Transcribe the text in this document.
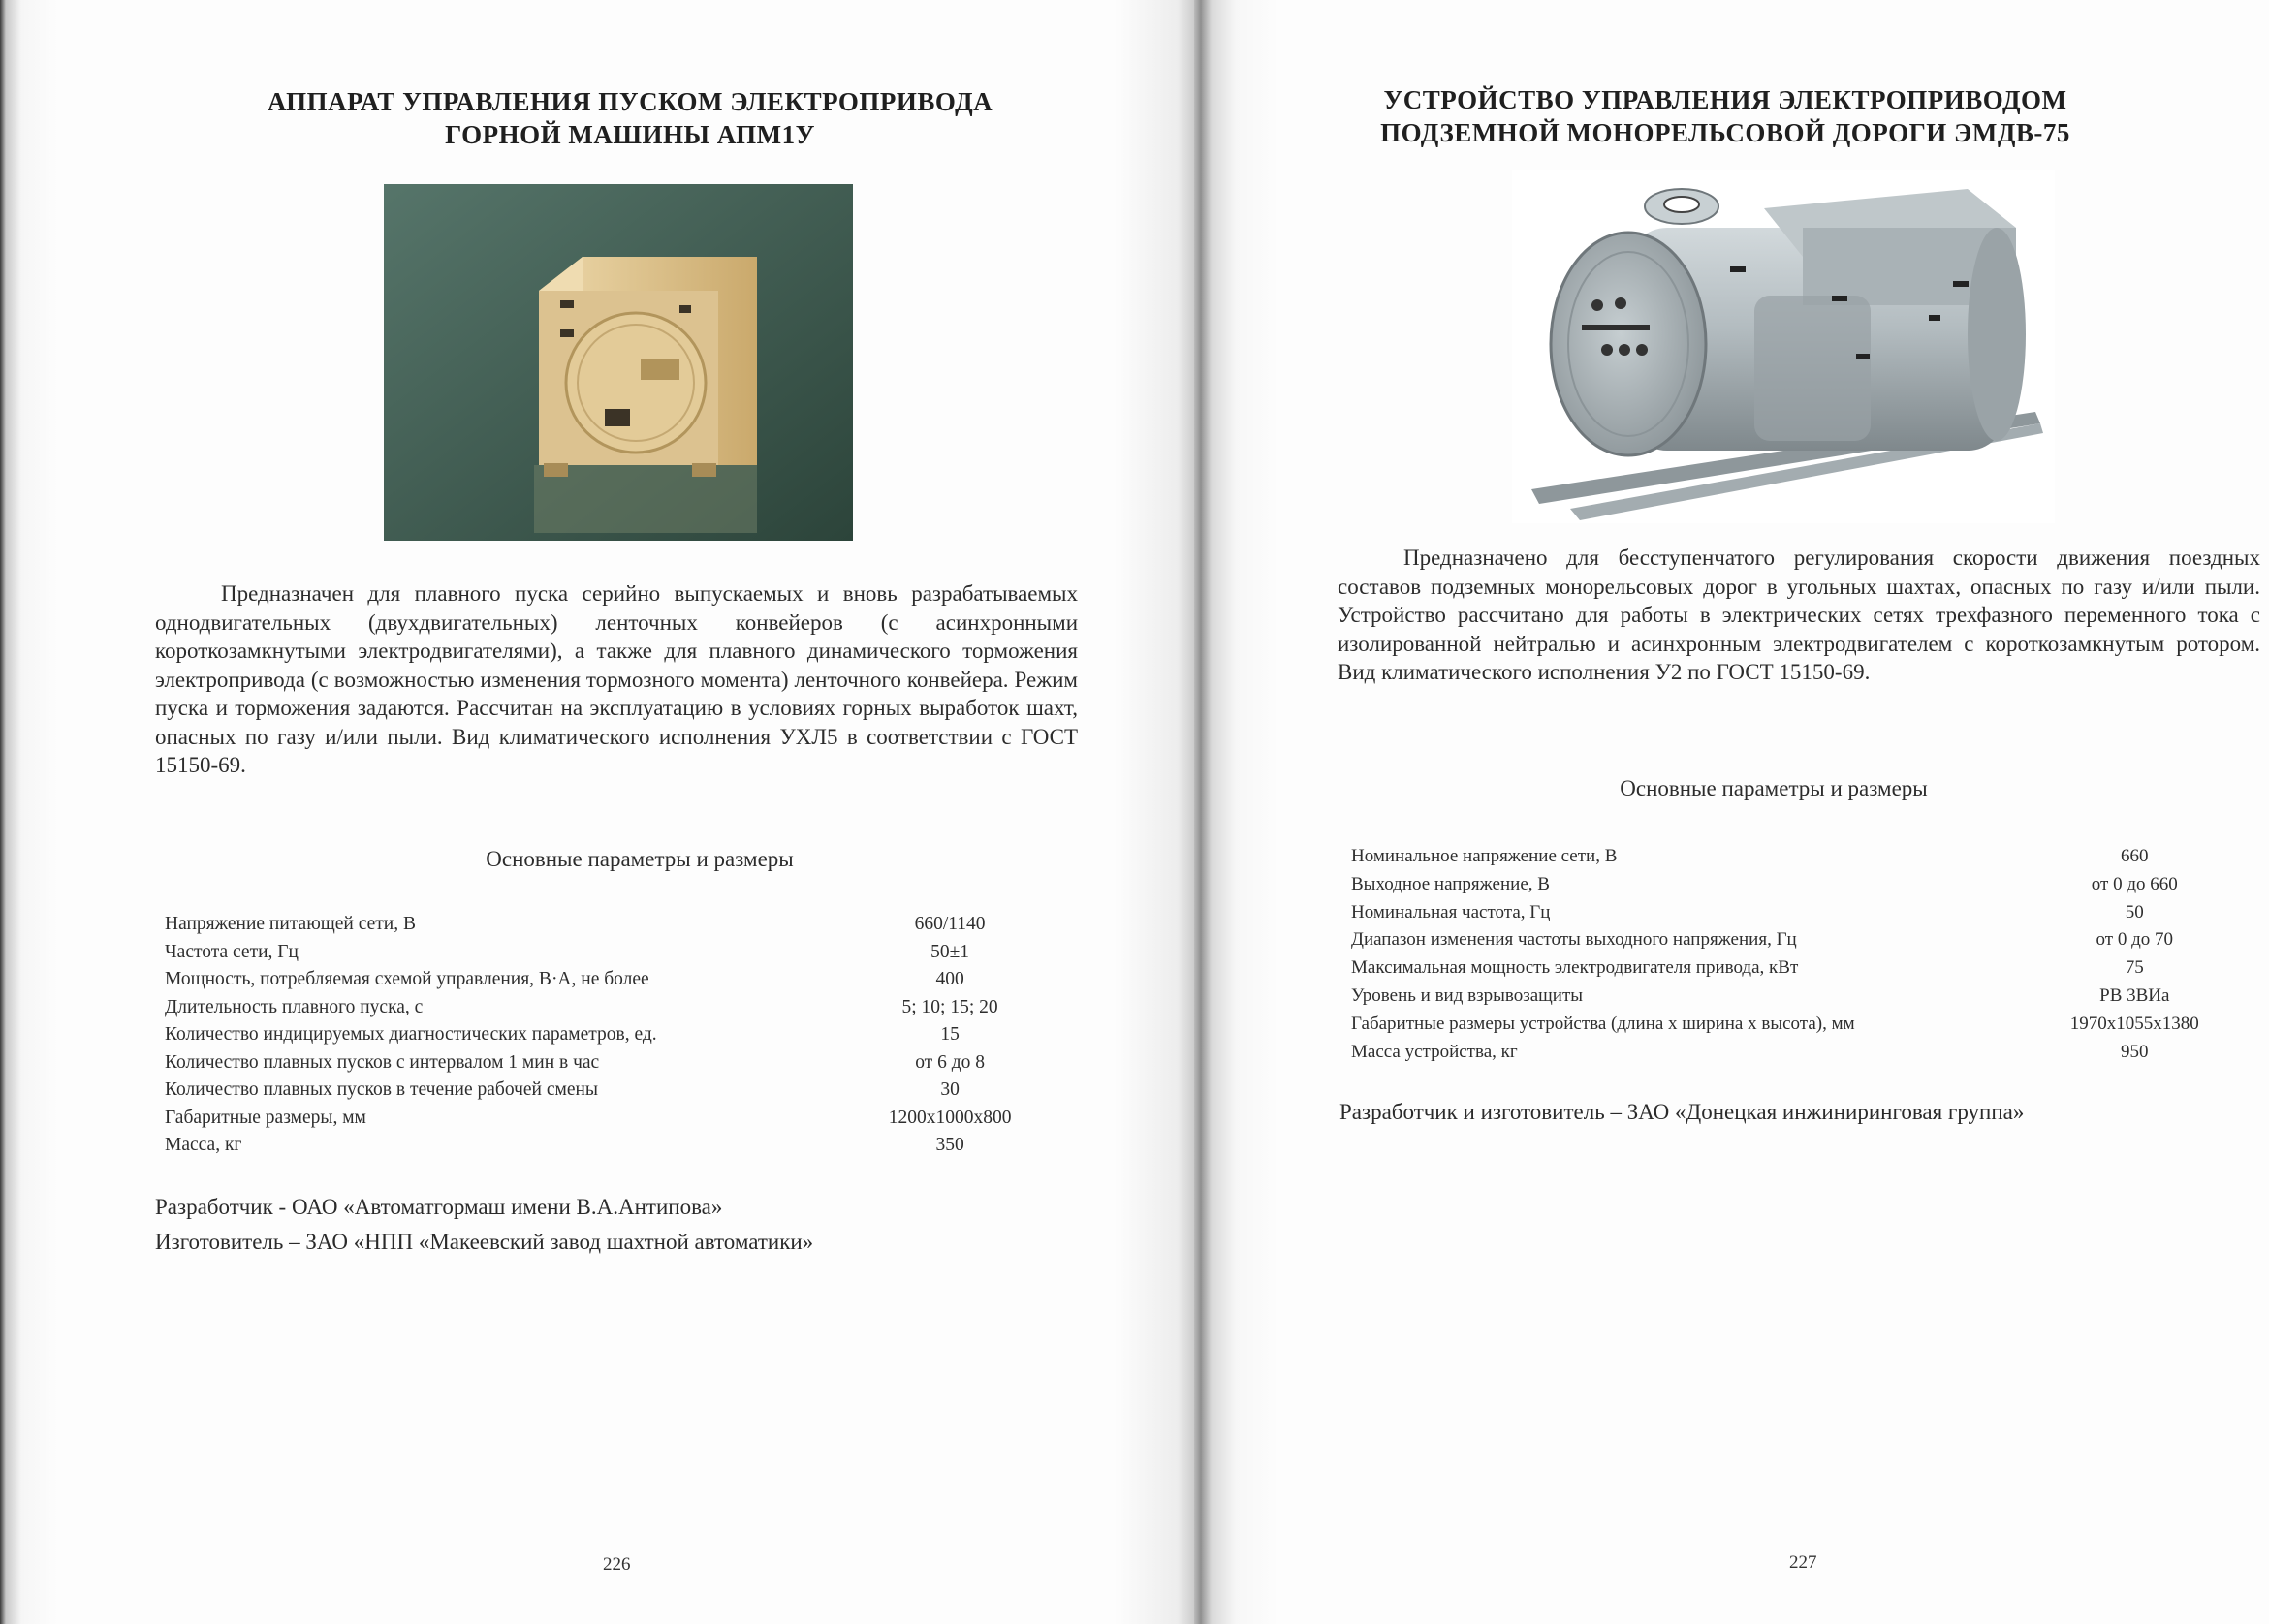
АППАРАТ УПРАВЛЕНИЯ ПУСКОМ ЭЛЕКТРОПРИВОДА
ГОРНОЙ МАШИНЫ АПМ1У

Предназначен для плавного пуска серийно выпускаемых и вновь разрабатываемых однодвигательных (двухдвигательных) ленточных конвейеров (с асинхронными короткозамкнутыми электродвигателями), а также для плавного динамического торможения электропривода (с возможностью изменения тормозного момента) ленточного конвейера. Режим пуска и торможения задаются. Рассчитан на эксплуатацию в условиях горных выработок шахт, опасных по газу и/или пыли. Вид климатического исполнения УХЛ5 в соответствии с ГОСТ 15150-69.

Основные параметры и размеры

Напряжение питающей сети, В	660/1140
Частота сети, Гц	50±1
Мощность, потребляемая схемой управления, В·А, не более	400
Длительность плавного пуска, с	5; 10; 15; 20
Количество индицируемых диагностических параметров, ед.	15
Количество плавных пусков с интервалом 1 мин в час	от 6 до 8
Количество плавных пусков в течение рабочей смены	30
Габаритные размеры, мм	1200х1000х800
Масса, кг	350

Разработчик - ОАО «Автоматгормаш имени В.А.Антипова»

Изготовитель – ЗАО «НПП «Макеевский завод шахтной автоматики»

226

УСТРОЙСТВО УПРАВЛЕНИЯ ЭЛЕКТРОПРИВОДОМ
ПОДЗЕМНОЙ МОНОРЕЛЬСОВОЙ ДОРОГИ ЭМДВ-75

Предназначено для бесступенчатого регулирования скорости движения поездных составов подземных монорельсовых дорог в угольных шахтах, опасных по газу и/или пыли. Устройство рассчитано для работы в электрических сетях трехфазного переменного тока с изолированной нейтралью и асинхронным электродвигателем с короткозамкнутым ротором. Вид климатического исполнения У2 по ГОСТ 15150-69.

Основные параметры и размеры

Номинальное напряжение сети, В	660
Выходное напряжение, В	от 0 до 660
Номинальная частота, Гц	50
Диапазон изменения частоты выходного напряжения, Гц	от 0 до 70
Максимальная мощность электродвигателя привода, кВт	75
Уровень и вид взрывозащиты	РВ 3ВИа
Габаритные размеры устройства (длина х ширина х высота), мм	1970х1055х1380
Масса устройства, кг	950

Разработчик и изготовитель – ЗАО «Донецкая инжиниринговая группа»

227
